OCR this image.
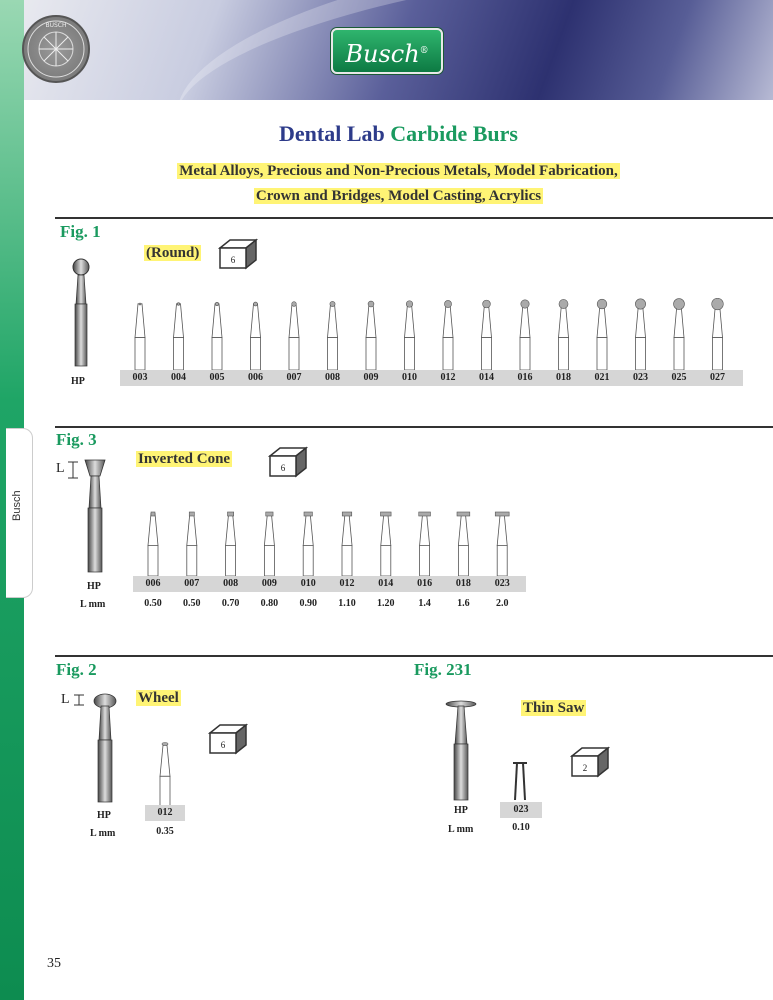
Busch
BUSCH
Busch®
Dental Lab Carbide Burs
Metal Alloys, Precious and Non-Precious Metals, Model Fabrication,
Crown and Bridges, Model Casting, Acrylics
Fig. 1
(Round)	6
HP	003	004	005	006	007	008	009	010	012	014	016	018	021	023	025	027
Fig. 3
Inverted Cone
6
L
HP
L mm
006	007	008	009	010	012	014	016	018	023
0.50	0.50	0.70	0.80	0.90	1.10	1.20	1.4	1.6	2.0
Fig. 2	Fig. 231
Wheel
6
L
012
HP
L mm	0.35
Thin Saw
2
023
HP
L mm	0.10
35
